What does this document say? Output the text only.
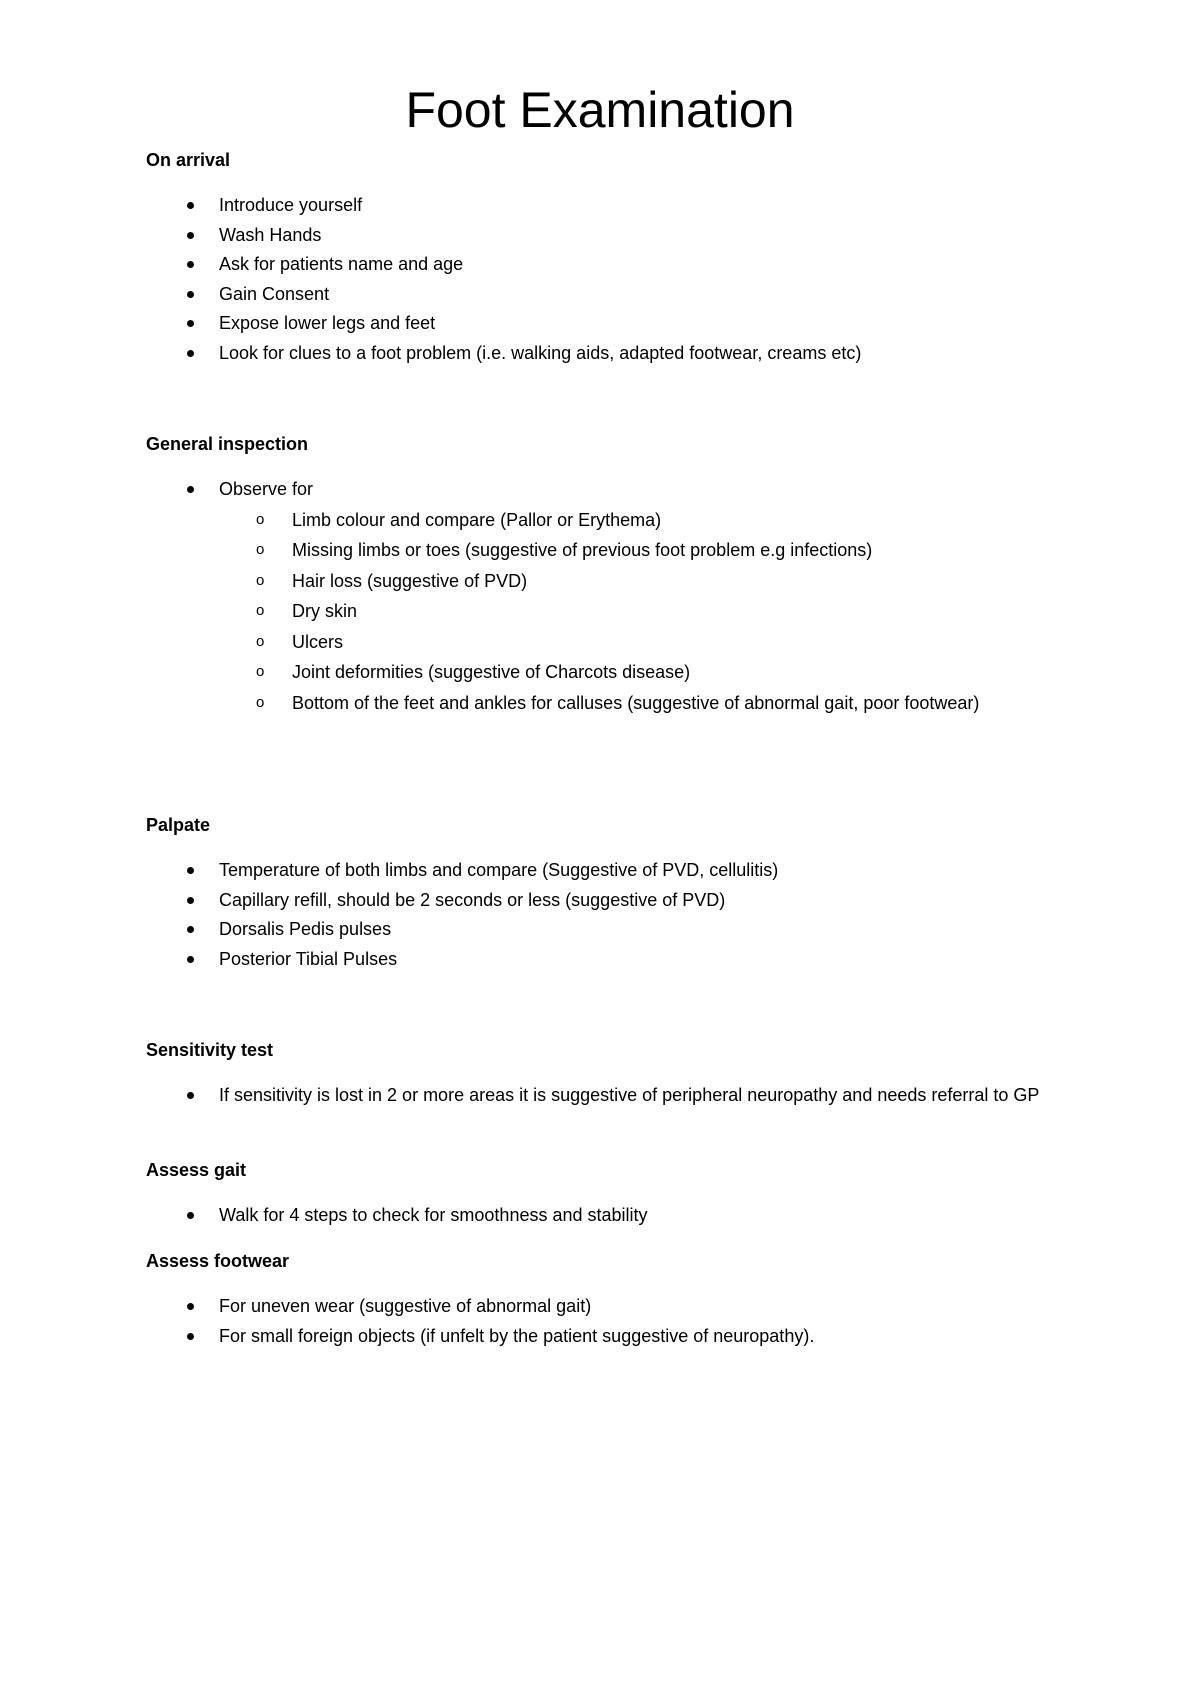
Foot Examination
On arrival
Introduce yourself
Wash Hands
Ask for patients name and age
Gain Consent
Expose lower legs and feet
Look for clues to a foot problem (i.e. walking aids, adapted footwear, creams etc)
General inspection
Observe for
o Limb colour and compare (Pallor or Erythema)
o Missing limbs or toes (suggestive of previous foot problem e.g infections)
o Hair loss (suggestive of PVD)
o Dry skin
o Ulcers
o Joint deformities (suggestive of Charcots disease)
o Bottom of the feet and ankles for calluses (suggestive of abnormal gait, poor footwear)
Palpate
Temperature of both limbs and compare (Suggestive of PVD, cellulitis)
Capillary refill, should be 2 seconds or less (suggestive of PVD)
Dorsalis Pedis pulses
Posterior Tibial Pulses
Sensitivity test
If sensitivity is lost in 2 or more areas it is suggestive of peripheral neuropathy and needs referral to GP
Assess gait
Walk for 4 steps to check for smoothness and stability
Assess footwear
For uneven wear (suggestive of abnormal gait)
For small foreign objects (if unfelt by the patient suggestive of neuropathy).
